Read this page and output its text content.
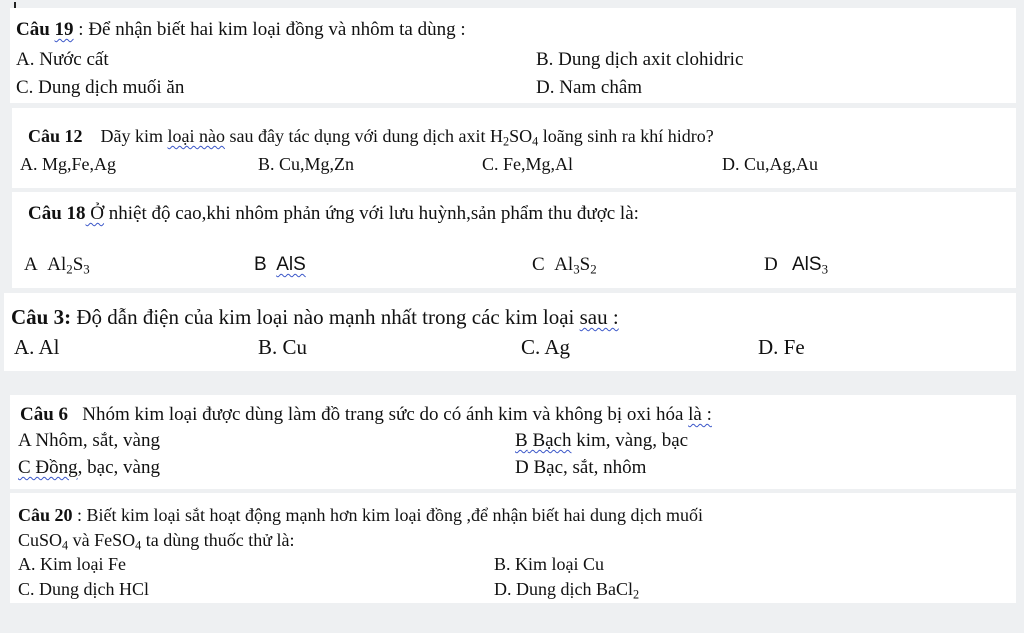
Câu 19 : Để nhận biết hai kim loại đồng và nhôm ta dùng :
A. Nước cất	B. Dung dịch axit clohidric
C. Dung dịch muối ăn	D. Nam châm
Câu 12 Dãy kim loại nào sau đây tác dụng với dung dịch axit $H_2SO_4$ loãng sinh ra khí hidro?
A. Mg,Fe,Ag	B. Cu,Mg,Zn	C. Fe,Mg,Al	D. Cu,Ag,Au
Câu 18 Ở nhiệt độ cao,khi nhôm phản ứng với lưu huỳnh,sản phẩm thu được là:
A $Al_2S_3$	B AlS	C $Al_3S_2$	D AlS$_3$
Câu 3: Độ dẫn điện của kim loại nào mạnh nhất trong các kim loại sau :
A. Al	B. Cu	C. Ag	D. Fe
Câu 6 Nhóm kim loại được dùng làm đồ trang sức do có ánh kim và không bị oxi hóa là :
A Nhôm, sắt, vàng	B Bạch kim, vàng, bạc
C Đồng, bạc, vàng	D Bạc, sắt, nhôm
Câu 20 : Biết kim loại sắt hoạt động mạnh hơn kim loại đồng ,để nhận biết hai dung dịch muối
CuSO$_4$ và FeSO$_4$ ta dùng thuốc thử là:
A. Kim loại Fe	B. Kim loại Cu
C. Dung dịch HCl	D. Dung dịch BaCl$_2$
